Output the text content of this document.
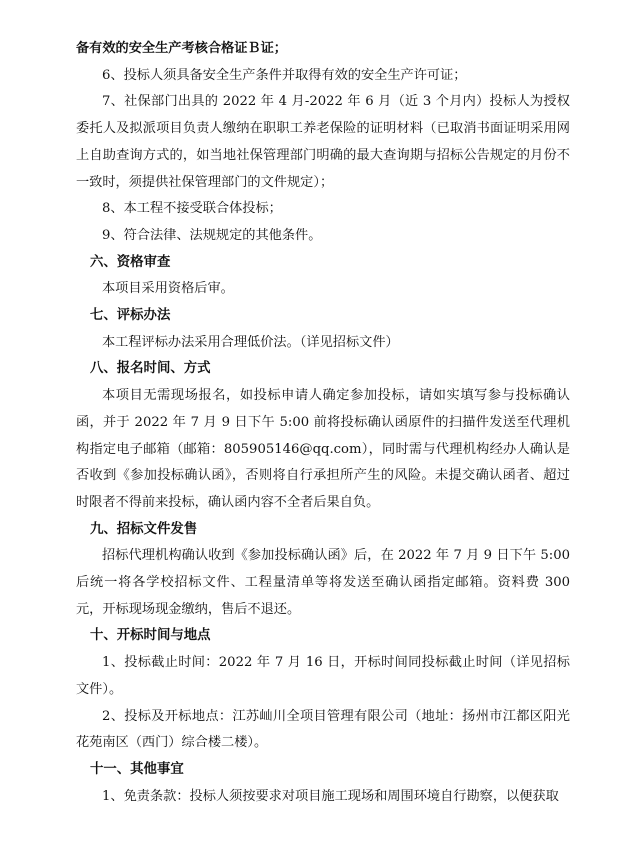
备有效的安全生产考核合格证Ｂ证；

6、投标人须具备安全生产条件并取得有效的安全生产许可证；

7、社保部门出具的 2022 年 4 月-2022 年 6 月（近 3 个月内）投标人为授权委托人及拟派项目负责人缴纳在职职工养老保险的证明材料（已取消书面证明采用网上自助查询方式的，如当地社保管理部门明确的最大查询期与招标公告规定的月份不一致时，须提供社保管理部门的文件规定）；

8、本工程不接受联合体投标；

9、符合法律、法规规定的其他条件。

六、资格审查

本项目采用资格后审。

七、评标办法

本工程评标办法采用合理低价法。（详见招标文件）

八、报名时间、方式

本项目无需现场报名，如投标申请人确定参加投标，请如实填写参与投标确认函，并于 2022 年 7 月 9 日下午 5:00 前将投标确认函原件的扫描件发送至代理机构指定电子邮箱（邮箱：805905146@qq.com），同时需与代理机构经办人确认是否收到《参加投标确认函》，否则将自行承担所产生的风险。未提交确认函者、超过时限者不得前来投标，确认函内容不全者后果自负。

九、招标文件发售

招标代理机构确认收到《参加投标确认函》后，在 2022 年 7 月 9 日下午 5:00 后统一将各学校招标文件、工程量清单等将发送至确认函指定邮箱。资料费 300 元，开标现场现金缴纳，售后不退还。

十、开标时间与地点

1、投标截止时间：2022 年 7 月 16 日，开标时间同投标截止时间（详见招标文件）。

2、投标及开标地点：江苏屾川全项目管理有限公司（地址：扬州市江都区阳光花苑南区（西门）综合楼二楼）。

十一、其他事宜

1、免责条款：投标人须按要求对项目施工现场和周围环境自行勘察，以便获取
